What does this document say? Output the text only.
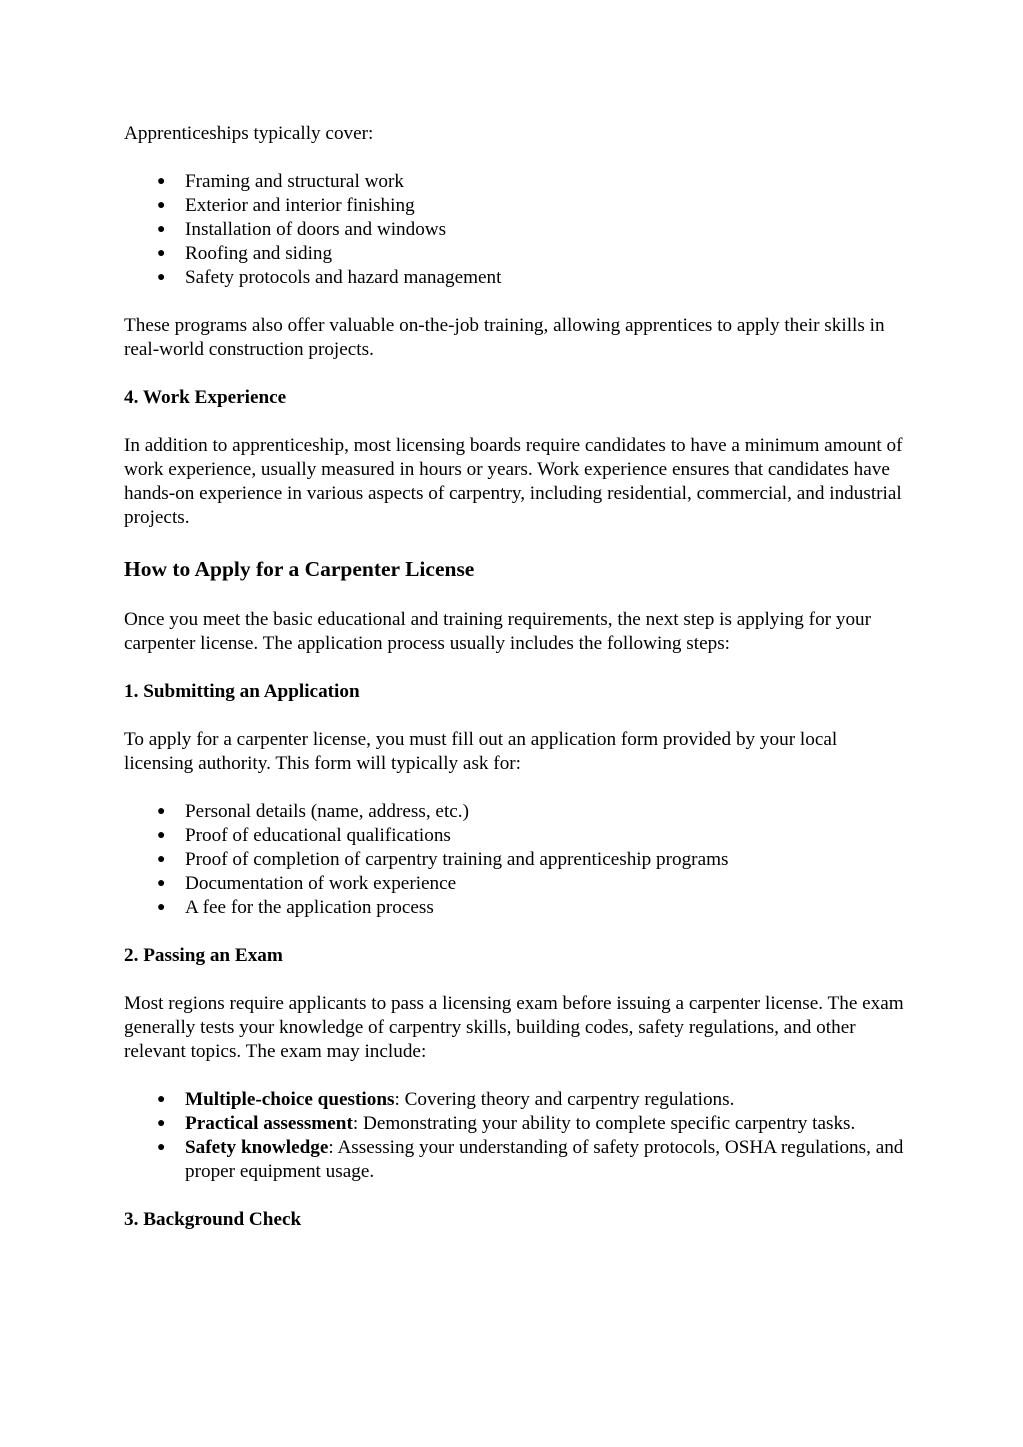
Apprenticeships typically cover:

● Framing and structural work
● Exterior and interior finishing
● Installation of doors and windows
● Roofing and siding
● Safety protocols and hazard management

These programs also offer valuable on-the-job training, allowing apprentices to apply their skills in real-world construction projects.

4. Work Experience

In addition to apprenticeship, most licensing boards require candidates to have a minimum amount of work experience, usually measured in hours or years. Work experience ensures that candidates have hands-on experience in various aspects of carpentry, including residential, commercial, and industrial projects.

How to Apply for a Carpenter License

Once you meet the basic educational and training requirements, the next step is applying for your carpenter license. The application process usually includes the following steps:

1. Submitting an Application

To apply for a carpenter license, you must fill out an application form provided by your local licensing authority. This form will typically ask for:

● Personal details (name, address, etc.)
● Proof of educational qualifications
● Proof of completion of carpentry training and apprenticeship programs
● Documentation of work experience
● A fee for the application process
2. Passing an Exam

Most regions require applicants to pass a licensing exam before issuing a carpenter license. The exam generally tests your knowledge of carpentry skills, building codes, safety regulations, and other relevant topics. The exam may include:

● Multiple-choice questions: Covering theory and carpentry regulations.
● Practical assessment: Demonstrating your ability to complete specific carpentry tasks.
● Safety knowledge: Assessing your understanding of safety protocols, OSHA regulations, and proper equipment usage.
3. Background Check
